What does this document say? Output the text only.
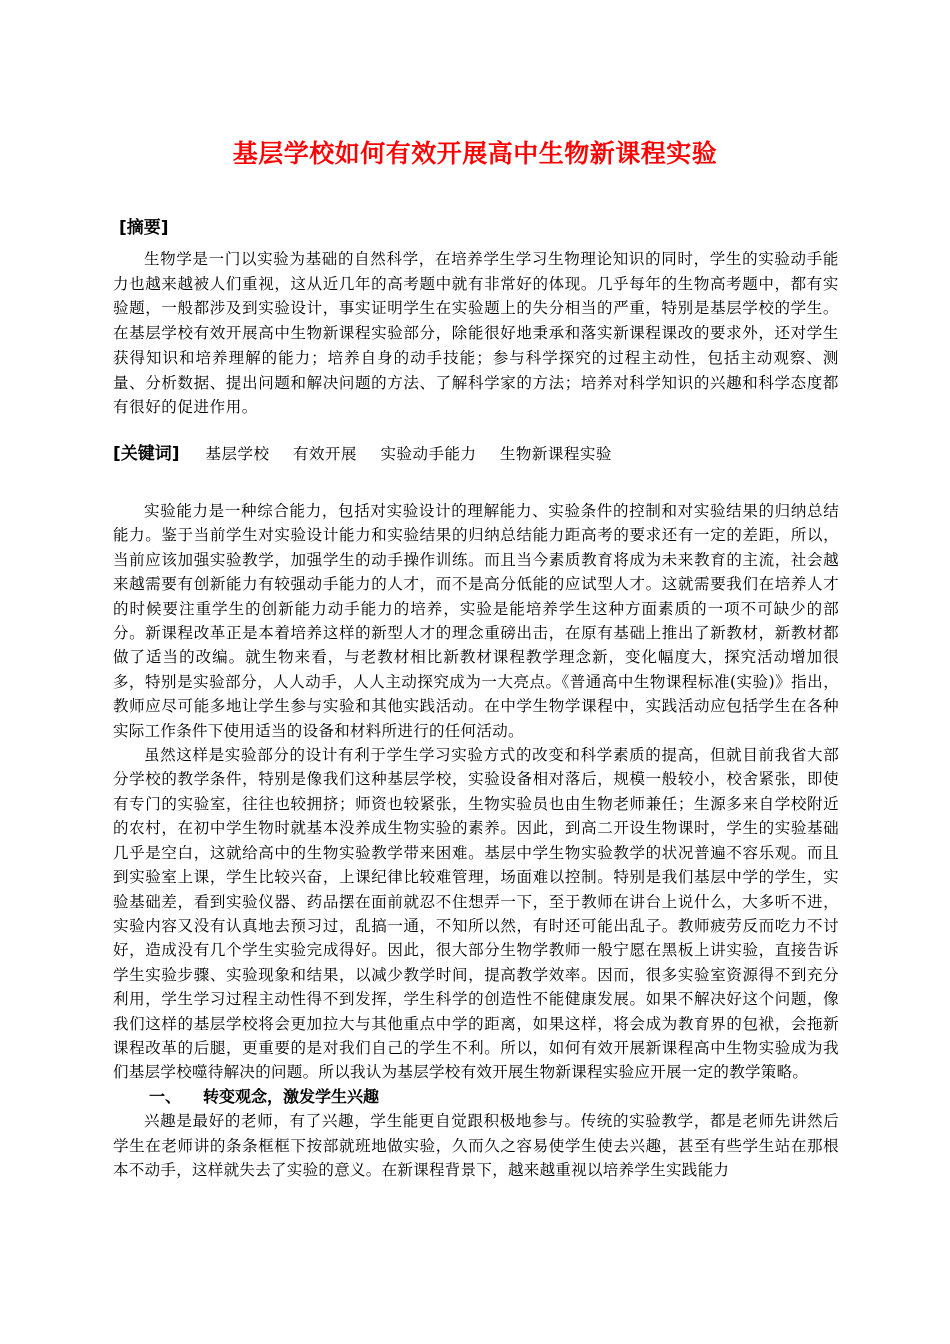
基层学校如何有效开展高中生物新课程实验
[摘要]

生物学是一门以实验为基础的自然科学，在培养学生学习生物理论知识的同时，学生的实验动手能力也越来越被人们重视，这从近几年的高考题中就有非常好的体现。几乎每年的生物高考题中，都有实验题，一般都涉及到实验设计，事实证明学生在实验题上的失分相当的严重，特别是基层学校的学生。在基层学校有效开展高中生物新课程实验部分，除能很好地秉承和落实新课程课改的要求外，还对学生获得知识和培养理解的能力；培养自身的动手技能；参与科学探究的过程主动性，包括主动观察、测量、分析数据、提出问题和解决问题的方法、了解科学家的方法；培养对科学知识的兴趣和科学态度都有很好的促进作用。

[关键词] 基层学校 有效开展 实验动手能力 生物新课程实验

实验能力是一种综合能力，包括对实验设计的理解能力、实验条件的控制和对实验结果的归纳总结能力。鉴于当前学生对实验设计能力和实验结果的归纳总结能力距高考的要求还有一定的差距，所以，当前应该加强实验教学，加强学生的动手操作训练。而且当今素质教育将成为未来教育的主流，社会越来越需要有创新能力有较强动手能力的人才，而不是高分低能的应试型人才。这就需要我们在培养人才的时候要注重学生的创新能力动手能力的培养，实验是能培养学生这种方面素质的一项不可缺少的部分。新课程改革正是本着培养这样的新型人才的理念重磅出击，在原有基础上推出了新教材，新教材都做了适当的改编。就生物来看，与老教材相比新教材课程教学理念新，变化幅度大，探究活动增加很多，特别是实验部分，人人动手，人人主动探究成为一大亮点。《普通高中生物课程标准(实验)》指出，教师应尽可能多地让学生参与实验和其他实践活动。在中学生物学课程中，实践活动应包括学生在各种实际工作条件下使用适当的设备和材料所进行的任何活动。

虽然这样是实验部分的设计有利于学生学习实验方式的改变和科学素质的提高，但就目前我省大部分学校的教学条件，特别是像我们这种基层学校，实验设备相对落后，规模一般较小，校舍紧张，即使有专门的实验室，往往也较拥挤；师资也较紧张，生物实验员也由生物老师兼任；生源多来自学校附近的农村，在初中学生物时就基本没养成生物实验的素养。因此，到高二开设生物课时，学生的实验基础几乎是空白，这就给高中的生物实验教学带来困难。基层中学生物实验教学的状况普遍不容乐观。而且到实验室上课，学生比较兴奋，上课纪律比较难管理，场面难以控制。特别是我们基层中学的学生，实验基础差，看到实验仪器、药品摆在面前就忍不住想弄一下，至于教师在讲台上说什么，大多听不进，实验内容又没有认真地去预习过，乱搞一通，不知所以然，有时还可能出乱子。教师疲劳反而吃力不讨好，造成没有几个学生实验完成得好。因此，很大部分生物学教师一般宁愿在黑板上讲实验，直接告诉学生实验步骤、实验现象和结果，以减少教学时间，提高教学效率。因而，很多实验室资源得不到充分利用，学生学习过程主动性得不到发挥，学生科学的创造性不能健康发展。如果不解决好这个问题，像我们这样的基层学校将会更加拉大与其他重点中学的距离，如果这样，将会成为教育界的包袱，会拖新课程改革的后腿，更重要的是对我们自己的学生不利。所以，如何有效开展新课程高中生物实验成为我们基层学校噬待解决的问题。所以我认为基层学校有效开展生物新课程实验应开展一定的教学策略。

一、 转变观念，激发学生兴趣

兴趣是最好的老师，有了兴趣，学生能更自觉跟积极地参与。传统的实验教学，都是老师先讲然后学生在老师讲的条条框框下按部就班地做实验，久而久之容易使学生使去兴趣，甚至有些学生站在那根本不动手，这样就失去了实验的意义。在新课程背景下，越来越重视以培养学生实践能力
